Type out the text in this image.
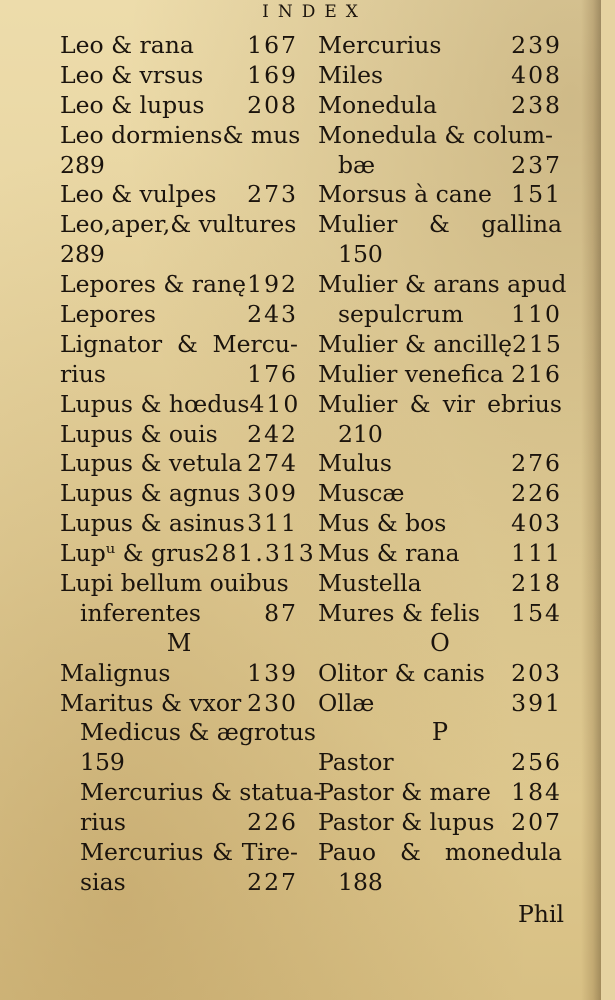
INDEX
Leo & rana	167
Leo & vrsus	169
Leo & lupus	208
Leo dormiens& mus
289
Leo & vulpes	273
Leo,aper,& vultures
289
Lepores & ranę 192
Lepores	243
Lignator & Mercu-
rius	176
Lupus & hœdus 410
Lupus & ouis	242
Lupus & vetula 274
Lupus & agnus 309
Lupus & asinus 311
Lupᵘ & grus 281.313
Lupi bellum ouibus
inferentes	87
M
Malignus	139
Maritus & vxor 230
Medicus & ægrotus
159
Mercurius & statua-
rius	226
Mercurius & Tire-
sias	227
Mercurius	239
Miles	408
Monedula	238
Monedula & colum-
bæ	237
Morsus à cane 151
Mulier & gallina
150
Mulier & arans apud
sepulcrum	110
Mulier & ancillę 215
Mulier venefica 216
Mulier & vir ebrius
210
Mulus	276
Muscæ	226
Mus & bos	403
Mus & rana	111
Mustella	218
Mures & felis	154
O
Olitor & canis	203
Ollæ	391
P
Pastor	256
Pastor & mare 184
Pastor & lupus 207
Pauo & monedula
188
Phil
